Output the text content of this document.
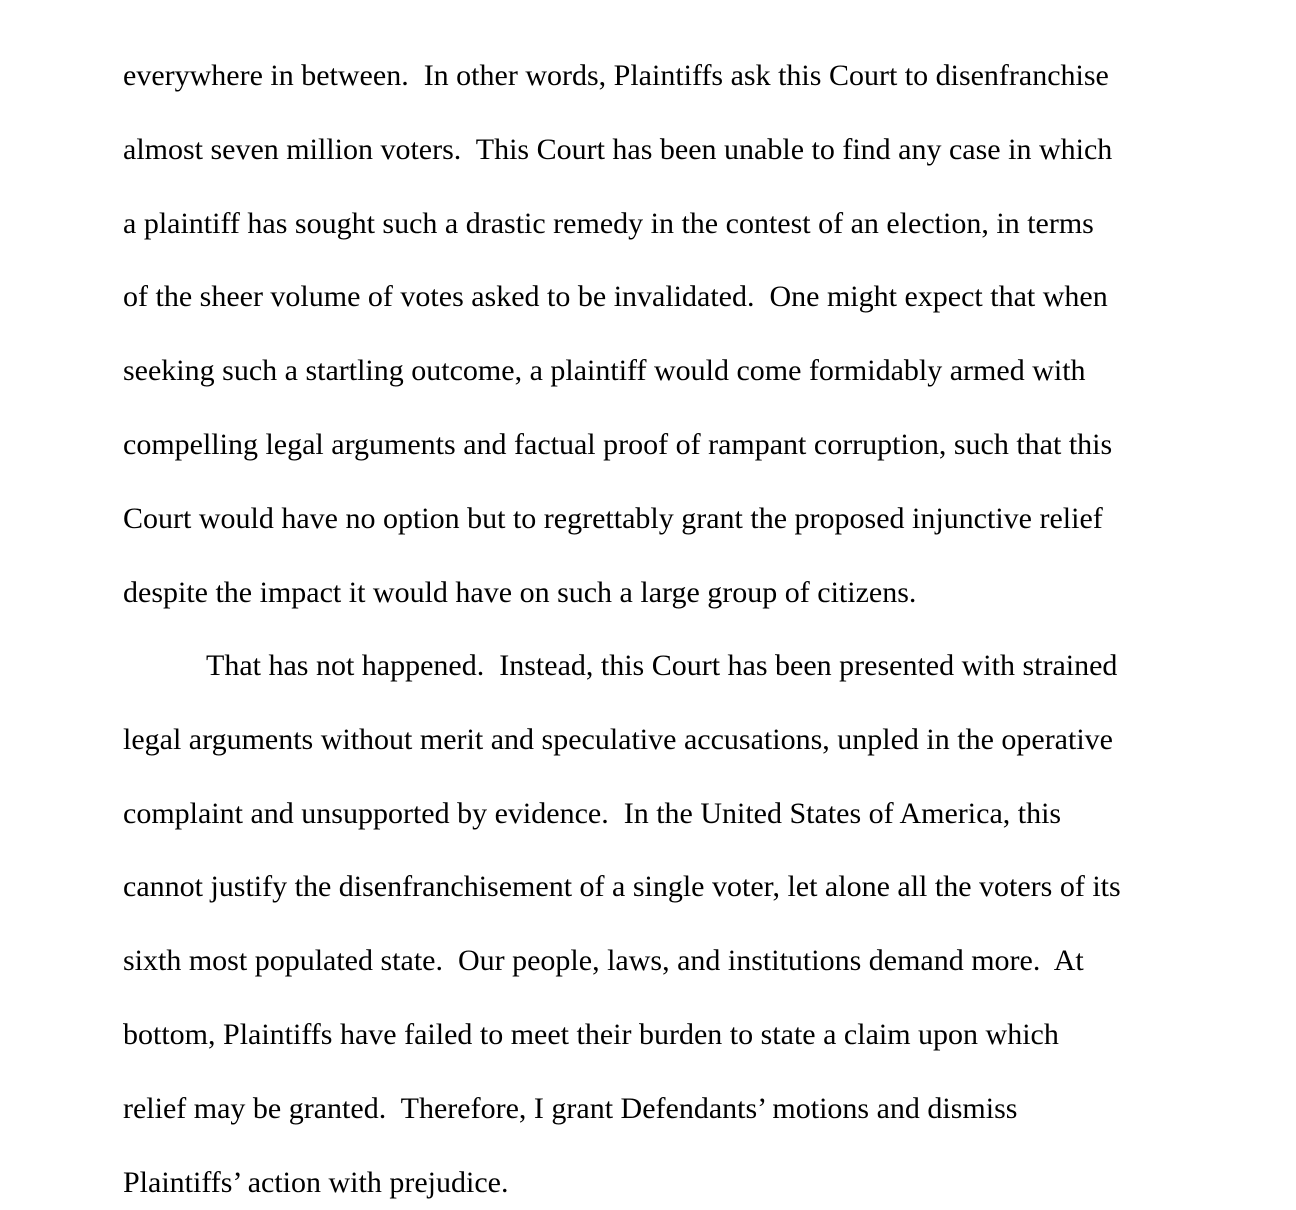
everywhere in between.  In other words, Plaintiffs ask this Court to disenfranchise

almost seven million voters.  This Court has been unable to find any case in which

a plaintiff has sought such a drastic remedy in the contest of an election, in terms

of the sheer volume of votes asked to be invalidated.  One might expect that when

seeking such a startling outcome, a plaintiff would come formidably armed with

compelling legal arguments and factual proof of rampant corruption, such that this

Court would have no option but to regrettably grant the proposed injunctive relief

despite the impact it would have on such a large group of citizens.

That has not happened.  Instead, this Court has been presented with strained

legal arguments without merit and speculative accusations, unpled in the operative

complaint and unsupported by evidence.  In the United States of America, this

cannot justify the disenfranchisement of a single voter, let alone all the voters of its

sixth most populated state.  Our people, laws, and institutions demand more.  At

bottom, Plaintiffs have failed to meet their burden to state a claim upon which

relief may be granted.  Therefore, I grant Defendants’ motions and dismiss

Plaintiffs’ action with prejudice.
